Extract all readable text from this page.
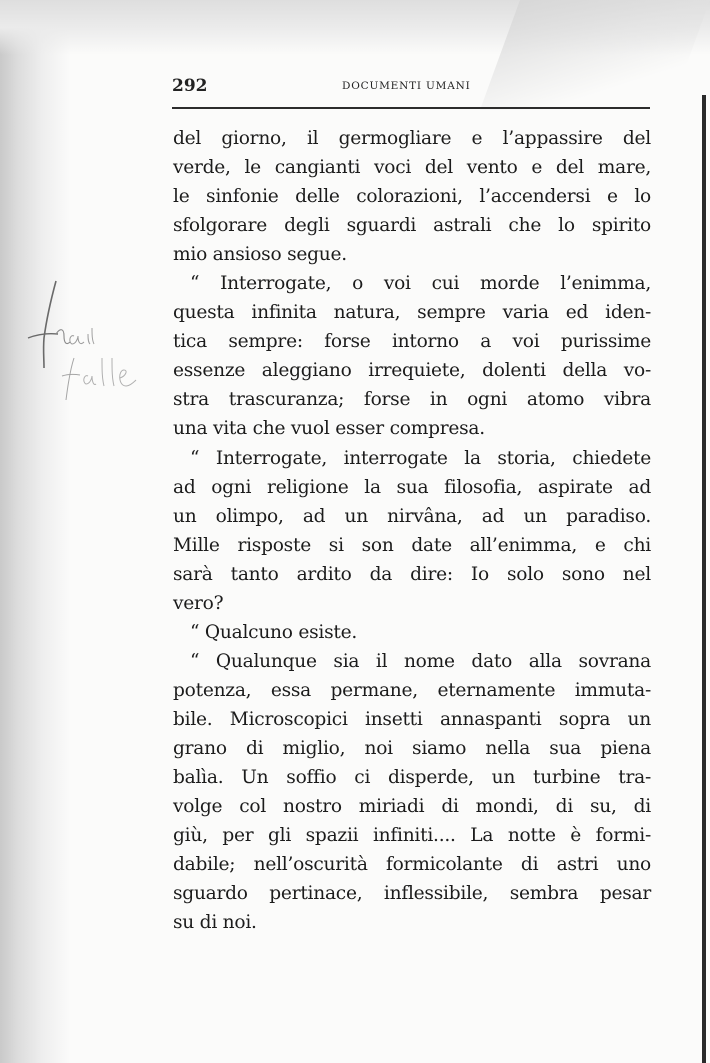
292	DOCUMENTI UMANI
del giorno, il germogliare e l’appassire del
verde, le cangianti voci del vento e del mare,
le sinfonie delle colorazioni, l’accendersi e lo
sfolgorare degli sguardi astrali che lo spirito
mio ansioso segue.
“ Interrogate, o voi cui morde l’enimma,
questa infinita natura, sempre varia ed iden-
tica sempre: forse intorno a voi purissime
essenze aleggiano irrequiete, dolenti della vo-
stra trascuranza; forse in ogni atomo vibra
una vita che vuol esser compresa.
“ Interrogate, interrogate la storia, chiedete
ad ogni religione la sua filosofia, aspirate ad
un olimpo, ad un nirvâna, ad un paradiso.
Mille risposte si son date all’enimma, e chi
sarà tanto ardito da dire: Io solo sono nel
vero?
“ Qualcuno esiste.
“ Qualunque sia il nome dato alla sovrana
potenza, essa permane, eternamente immuta-
bile. Microscopici insetti annaspanti sopra un
grano di miglio, noi siamo nella sua piena
balìa. Un soffio ci disperde, un turbine tra-
volge col nostro miriadi di mondi, di su, di
giù, per gli spazii infiniti.... La notte è formi-
dabile; nell’oscurità formicolante di astri uno
sguardo pertinace, inflessibile, sembra pesar
su di noi.
